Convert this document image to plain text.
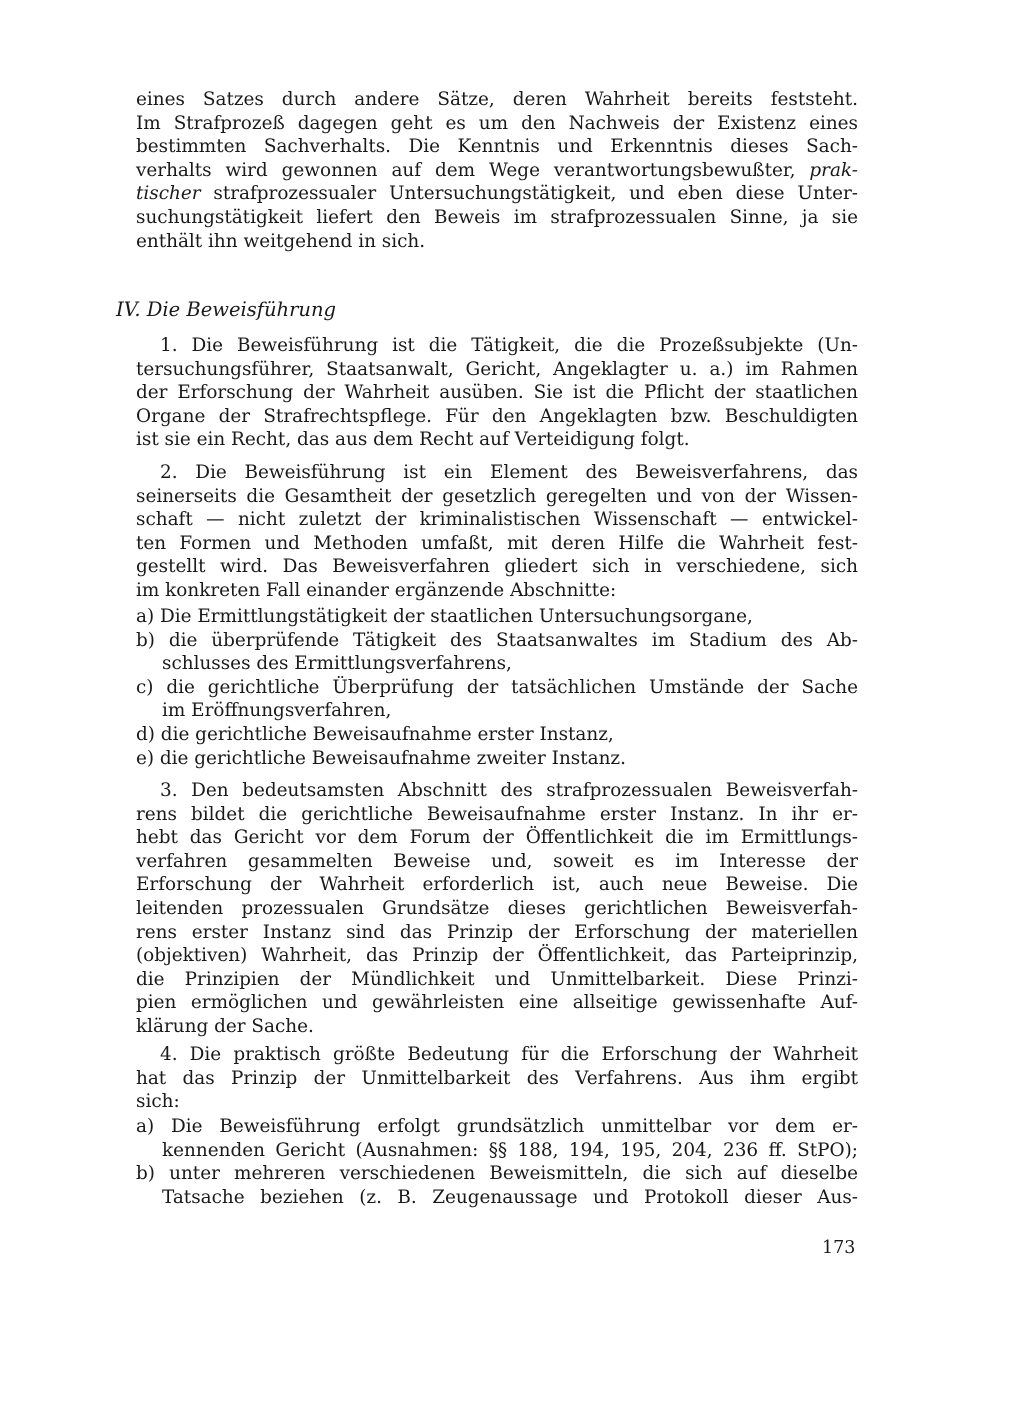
eines Satzes durch andere Sätze, deren Wahrheit bereits feststeht.
Im Strafprozeß dagegen geht es um den Nachweis der Existenz eines
bestimmten Sachverhalts. Die Kenntnis und Erkenntnis dieses Sach-
verhalts wird gewonnen auf dem Wege verantwortungsbewußter, prak-
tischer strafprozessualer Untersuchungstätigkeit, und eben diese Unter-
suchungstätigkeit liefert den Beweis im strafprozessualen Sinne, ja sie
enthält ihn weitgehend in sich.
IV. Die Beweisführung
1. Die Beweisführung ist die Tätigkeit, die die Prozeßsubjekte (Un-
tersuchungsführer, Staatsanwalt, Gericht, Angeklagter u. a.) im Rahmen
der Erforschung der Wahrheit ausüben. Sie ist die Pflicht der staatlichen
Organe der Strafrechtspflege. Für den Angeklagten bzw. Beschuldigten
ist sie ein Recht, das aus dem Recht auf Verteidigung folgt.
2. Die Beweisführung ist ein Element des Beweisverfahrens, das
seinerseits die Gesamtheit der gesetzlich geregelten und von der Wissen-
schaft — nicht zuletzt der kriminalistischen Wissenschaft — entwickel-
ten Formen und Methoden umfaßt, mit deren Hilfe die Wahrheit fest-
gestellt wird. Das Beweisverfahren gliedert sich in verschiedene, sich
im konkreten Fall einander ergänzende Abschnitte:
a) Die Ermittlungstätigkeit der staatlichen Untersuchungsorgane,
b) die überprüfende Tätigkeit des Staatsanwaltes im Stadium des Ab-
schlusses des Ermittlungsverfahrens,
c) die gerichtliche Überprüfung der tatsächlichen Umstände der Sache
im Eröffnungsverfahren,
d) die gerichtliche Beweisaufnahme erster Instanz,
e) die gerichtliche Beweisaufnahme zweiter Instanz.
3. Den bedeutsamsten Abschnitt des strafprozessualen Beweisverfah-
rens bildet die gerichtliche Beweisaufnahme erster Instanz. In ihr er-
hebt das Gericht vor dem Forum der Öffentlichkeit die im Ermittlungs-
verfahren gesammelten Beweise und, soweit es im Interesse der
Erforschung der Wahrheit erforderlich ist, auch neue Beweise. Die
leitenden prozessualen Grundsätze dieses gerichtlichen Beweisverfah-
rens erster Instanz sind das Prinzip der Erforschung der materiellen
(objektiven) Wahrheit, das Prinzip der Öffentlichkeit, das Parteiprinzip,
die Prinzipien der Mündlichkeit und Unmittelbarkeit. Diese Prinzi-
pien ermöglichen und gewährleisten eine allseitige gewissenhafte Auf-
klärung der Sache.
4. Die praktisch größte Bedeutung für die Erforschung der Wahrheit
hat das Prinzip der Unmittelbarkeit des Verfahrens. Aus ihm ergibt
sich:
a) Die Beweisführung erfolgt grundsätzlich unmittelbar vor dem er-
kennenden Gericht (Ausnahmen: §§ 188, 194, 195, 204, 236 ff. StPO);
b) unter mehreren verschiedenen Beweismitteln, die sich auf dieselbe
Tatsache beziehen (z. B. Zeugenaussage und Protokoll dieser Aus-
173
